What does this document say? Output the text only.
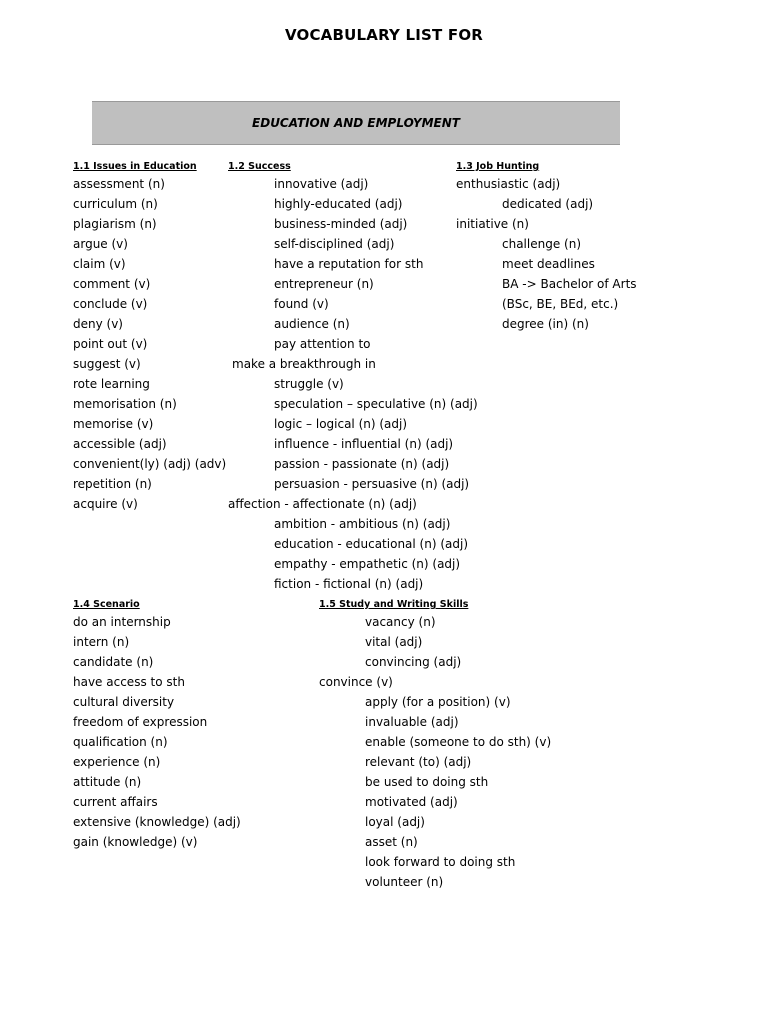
VOCABULARY LIST FOR
EDUCATION AND EMPLOYMENT
1.1 Issues in Education
assessment (n)
curriculum (n)
plagiarism (n)
argue (v)
claim (v)
comment (v)
conclude (v)
deny (v)
point out (v)
suggest (v)
rote learning
memorisation (n)
memorise (v)
accessible (adj)
convenient(ly) (adj) (adv)
repetition (n)
acquire (v)
1.2 Success
innovative (adj)
highly-educated (adj)
business-minded (adj)
self-disciplined (adj)
have a reputation for sth
entrepreneur (n)
found (v)
audience (n)
pay attention to
make a breakthrough in
struggle (v)
speculation – speculative (n) (adj)
logic – logical (n) (adj)
influence - influential (n) (adj)
passion - passionate (n) (adj)
persuasion - persuasive (n) (adj)
affection - affectionate (n) (adj)
ambition - ambitious (n) (adj)
education - educational (n) (adj)
empathy - empathetic (n) (adj)
fiction - fictional (n) (adj)
1.3 Job Hunting
enthusiastic (adj)
dedicated (adj)
initiative (n)
challenge (n)
meet deadlines
BA -> Bachelor of Arts
(BSc, BE, BEd, etc.)
degree (in) (n)
1.4 Scenario
do an internship
intern (n)
candidate (n)
have access to sth
cultural diversity
freedom of expression
qualification (n)
experience (n)
attitude (n)
current affairs
extensive (knowledge) (adj)
gain (knowledge) (v)
1.5 Study and Writing Skills
vacancy (n)
vital (adj)
convincing (adj)
convince (v)
apply (for a position) (v)
invaluable (adj)
enable (someone to do sth) (v)
relevant (to) (adj)
be used to doing sth
motivated (adj)
loyal (adj)
asset (n)
look forward to doing sth
volunteer (n)
